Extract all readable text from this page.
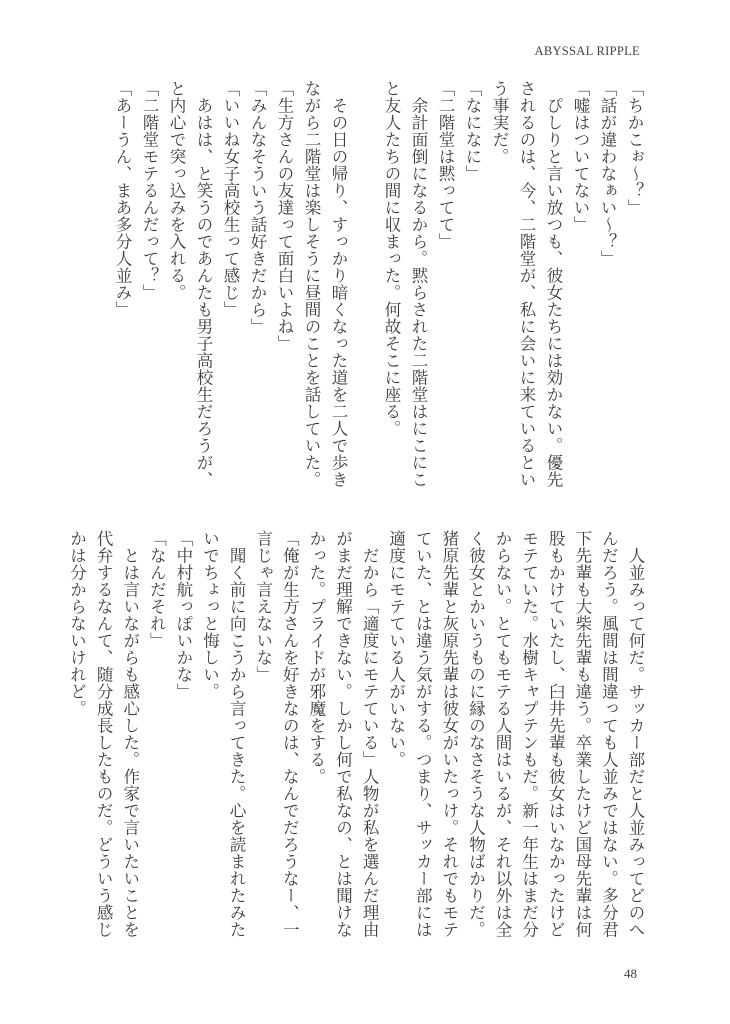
ABYSSAL RIPPLE
「ちかこぉ〜？」
「話が違わなぁい〜？」
「嘘はついてない」
　ぴしりと言い放つも、彼女たちには効かない。優先
されるのは、今、二階堂が、私に会いに来ているとい
う事実だ。
「なになに」
「二階堂は黙ってて」
　余計面倒になるから。黙らされた二階堂はにこにこ
と友人たちの間に収まった。何故そこに座る。
　その日の帰り、すっかり暗くなった道を二人で歩き
ながら二階堂は楽しそうに昼間のことを話していた。
「生方さんの友達って面白いよね」
「みんなそういう話好きだから」
「いいね女子高校生って感じ」
　あはは、と笑うのであんたも男子高校生だろうが、
と内心で突っ込みを入れる。
「二階堂モテるんだって？」
「あーうん、まあ多分人並み」
　人並みって何だ。サッカー部だと人並みってどのへ
んだろう。風間は間違っても人並みではない。多分君
下先輩も大柴先輩も違う。卒業したけど国母先輩は何
股もかけていたし、臼井先輩も彼女はいなかったけど
モテていた。水樹キャプテンもだ。新一年生はまだ分
からない。とてもモテる人間はいるが、それ以外は全
く彼女とかいうものに縁のなさそうな人物ばかりだ。
猪原先輩と灰原先輩は彼女がいたっけ。それでもモテ
ていた、とは違う気がする。つまり、サッカー部には
適度にモテている人がいない。
　だから「適度にモテている」人物が私を選んだ理由
がまだ理解できない。しかし何で私なの、とは聞けな
かった。プライドが邪魔をする。
「俺が生方さんを好きなのは、なんでだろうなー、一
言じゃ言えないな」
　聞く前に向こうから言ってきた。心を読まれたみた
いでちょっと悔しい。
「中村航っぽいかな」
「なんだそれ」
　とは言いながらも感心した。作家で言いたいことを
代弁するなんて、随分成長したものだ。どういう感じ
かは分からないけれど。
48
